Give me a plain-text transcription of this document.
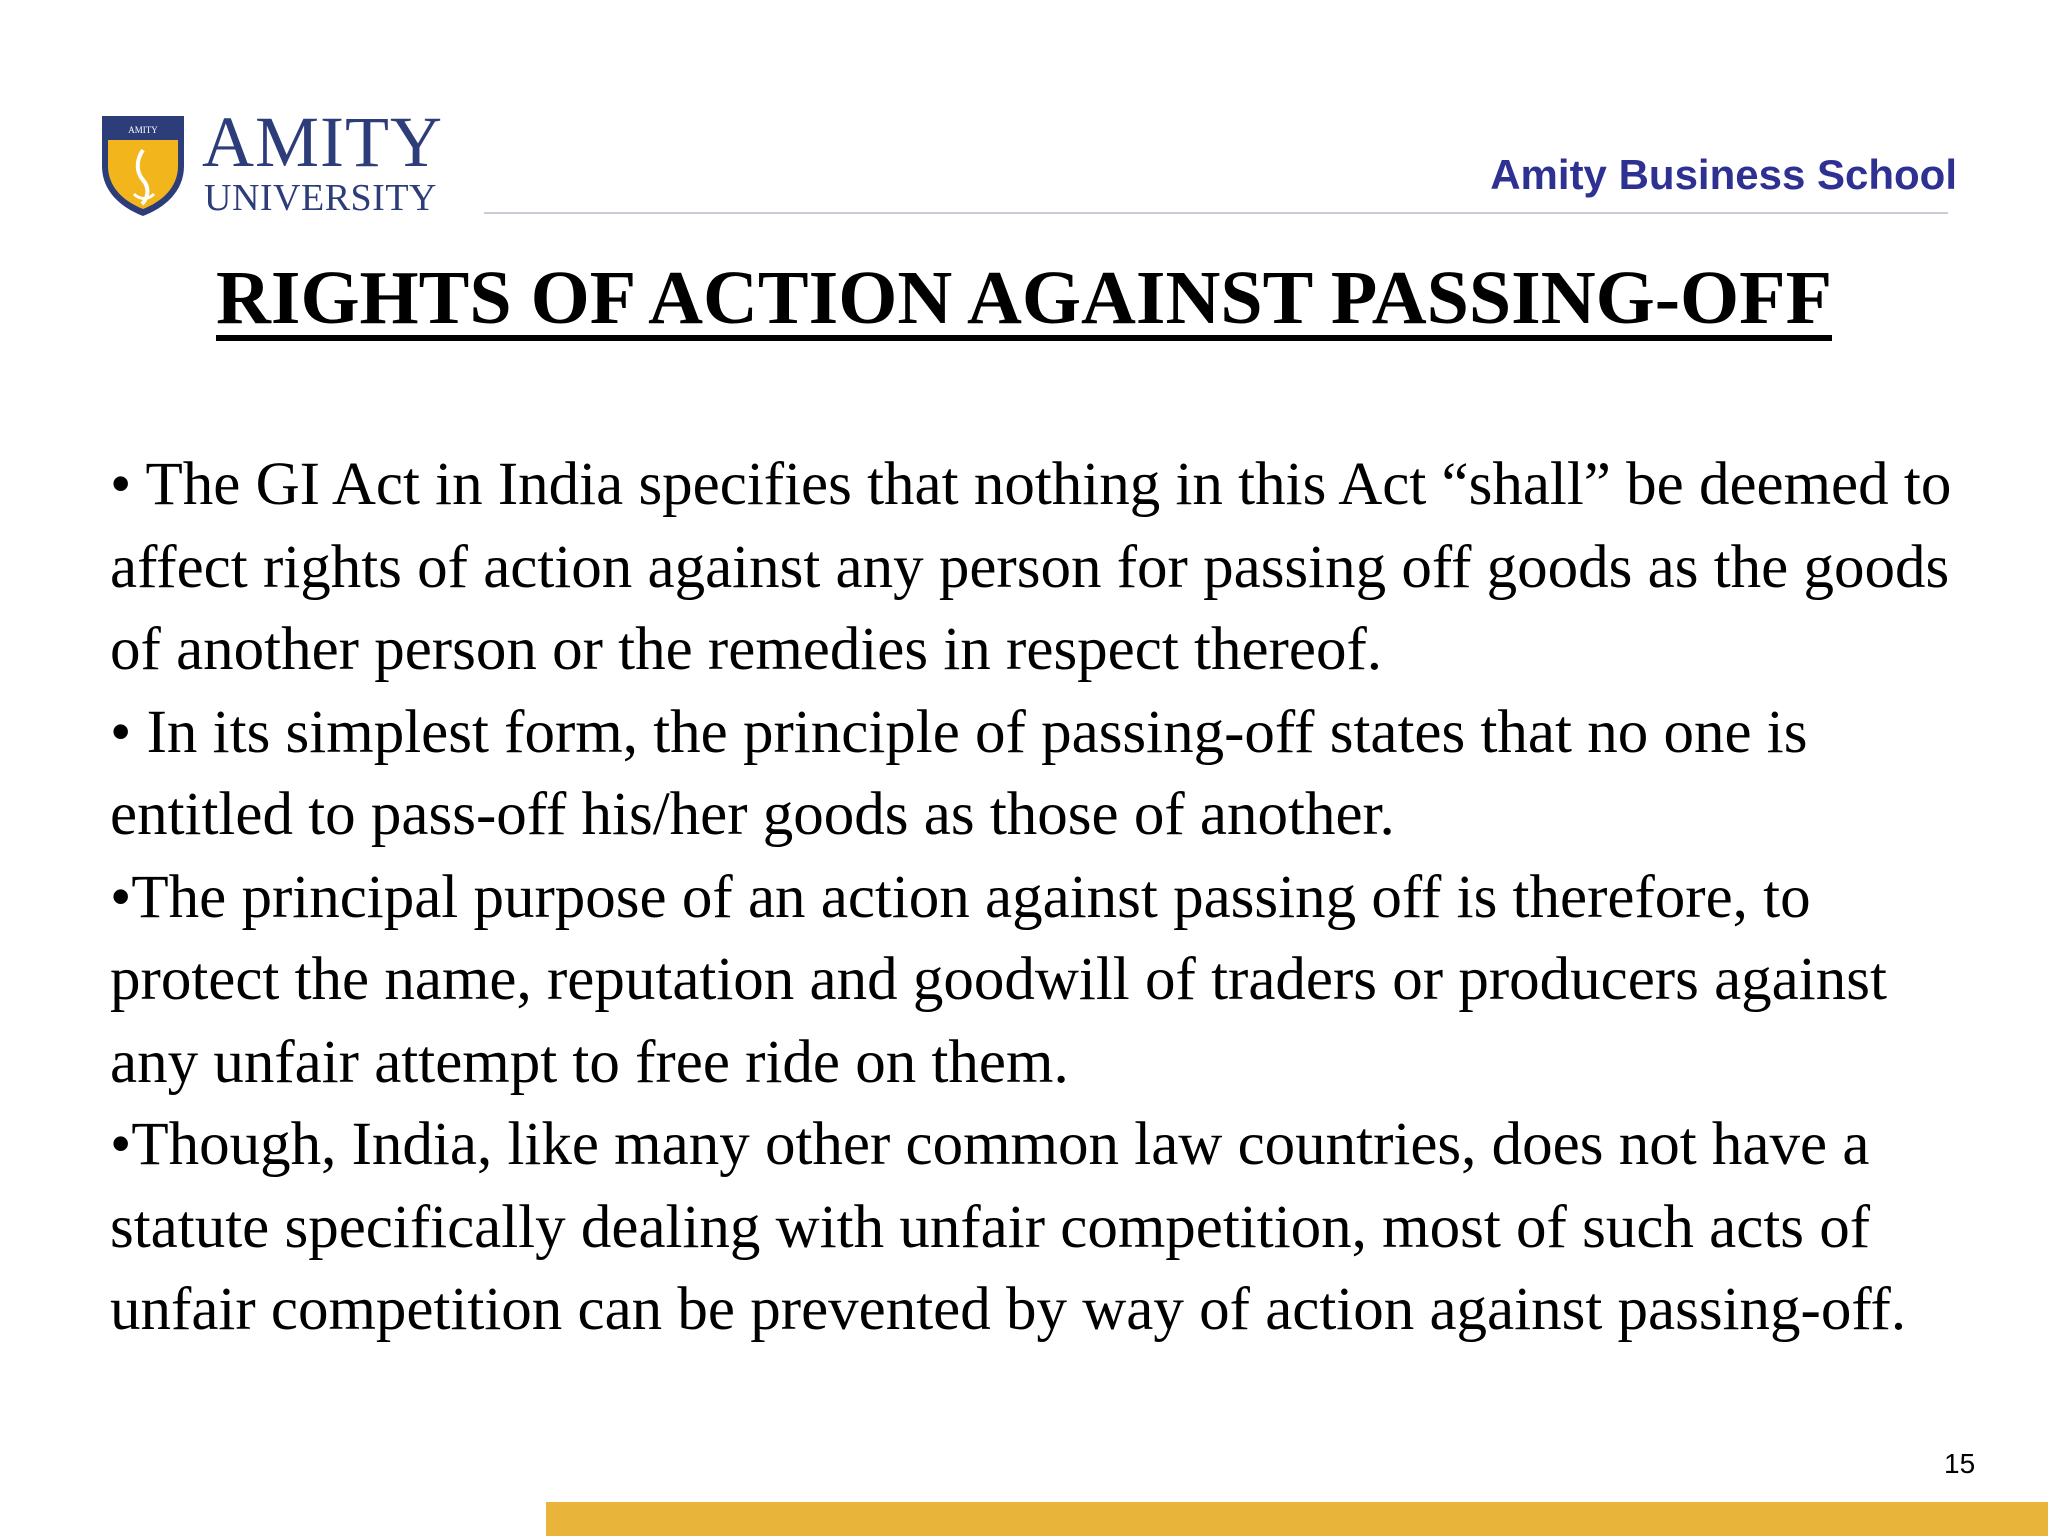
AMITY AMITY
UNIVERSITY	Amity Business School
RIGHTS OF ACTION AGAINST PASSING-OFF

• The GI Act in India specifies that nothing in this Act “shall” be deemed to affect rights of action against any person for passing off goods as the goods of another person or the remedies in respect thereof.

• In its simplest form, the principle of passing-off states that no one is entitled to pass-off his/her goods as those of another.

•The principal purpose of an action against passing off is therefore, to protect the name, reputation and goodwill of traders or producers against any unfair attempt to free ride on them.

•Though, India, like many other common law countries, does not have a statute specifically dealing with unfair competition, most of such acts of unfair competition can be prevented by way of action against passing-off.

15
